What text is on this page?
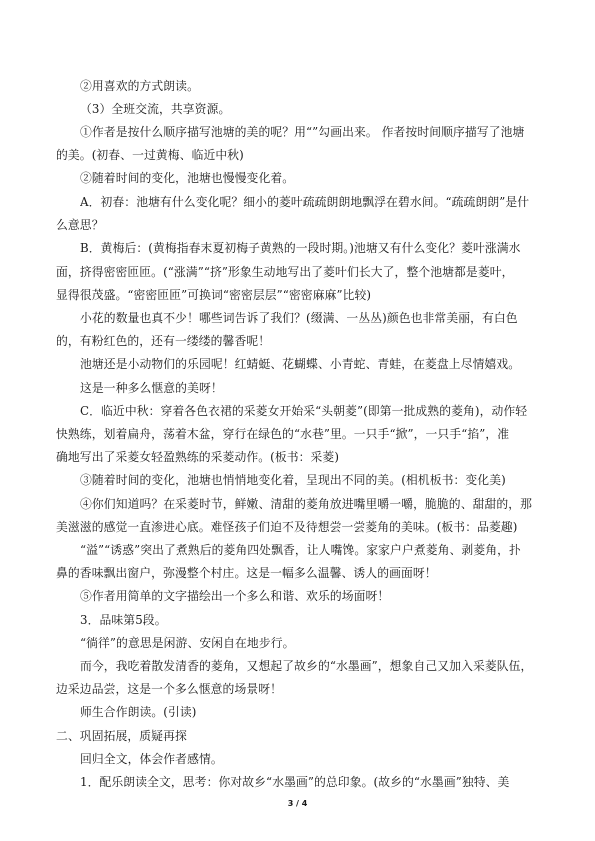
②用喜欢的方式朗读。
（3）全班交流，共享资源。
①作者是按什么顺序描写池塘的美的呢？用“”勾画出来。 作者按时间顺序描写了池塘
的美。(初春、一过黄梅、临近中秋)
②随着时间的变化，池塘也慢慢变化着。
A．初春：池塘有什么变化呢？细小的菱叶疏疏朗朗地飘浮在碧水间。“疏疏朗朗”是什
么意思？
B．黄梅后：(黄梅指春末夏初梅子黄熟的一段时期。)池塘又有什么变化？菱叶涨满水
面，挤得密密匝匝。(“涨满”“挤”形象生动地写出了菱叶们长大了，整个池塘都是菱叶，
显得很茂盛。“密密匝匝”可换词“密密层层”“密密麻麻”比较)
小花的数量也真不少！哪些词告诉了我们？(缀满、一丛丛)颜色也非常美丽，有白色
的，有粉红色的，还有一缕缕的馨香呢！
池塘还是小动物们的乐园呢！红蜻蜓、花蝴蝶、小青蛇、青蛙，在菱盘上尽情嬉戏。
这是一种多么惬意的美呀！
C．临近中秋：穿着各色衣裙的采菱女开始采“头朝菱”(即第一批成熟的菱角)，动作轻
快熟练，划着扁舟，荡着木盆，穿行在绿色的“水巷”里。一只手“掀”，一只手“掐”，准
确地写出了采菱女轻盈熟练的采菱动作。(板书：采菱)
③随着时间的变化，池塘也悄悄地变化着，呈现出不同的美。(相机板书：变化美)
④你们知道吗？在采菱时节，鲜嫩、清甜的菱角放进嘴里嚼一嚼，脆脆的、甜甜的，那
美滋滋的感觉一直渗进心底。难怪孩子们迫不及待想尝一尝菱角的美味。(板书：品菱趣)
“溢”“诱惑”突出了煮熟后的菱角四处飘香，让人嘴馋。家家户户煮菱角、剥菱角，扑
鼻的香味飘出窗户，弥漫整个村庄。这是一幅多么温馨、诱人的画面呀！
⑤作者用简单的文字描绘出一个多么和谐、欢乐的场面呀！
3．品味第5段。
“徜徉”的意思是闲游、安闲自在地步行。
而今，我吃着散发清香的菱角，又想起了故乡的“水墨画”，想象自己又加入采菱队伍，
边采边品尝，这是一个多么惬意的场景呀！
师生合作朗读。(引读)
二、巩固拓展，质疑再探
回归全文，体会作者感情。
1．配乐朗读全文，思考：你对故乡“水墨画”的总印象。(故乡的“水墨画”独特、美
3 / 4
